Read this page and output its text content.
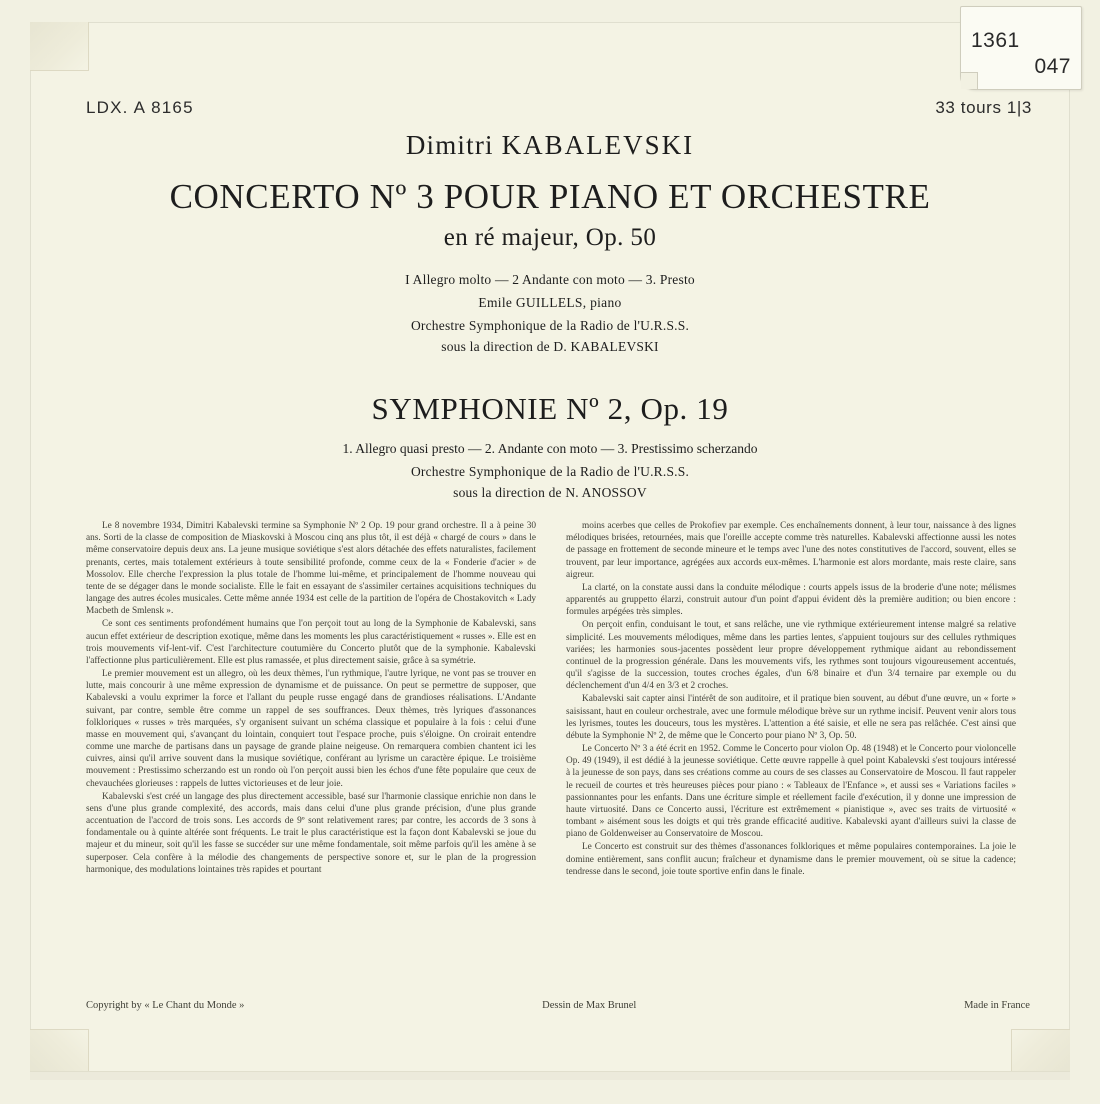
1361
047
LDX. A 8165	33 tours 1|3
Dimitri KABALEVSKI
CONCERTO Nº 3 POUR PIANO ET ORCHESTRE
en ré majeur, Op. 50
I Allegro molto — 2 Andante con moto — 3. Presto
Emile GUILLELS, piano
Orchestre Symphonique de la Radio de l'U.R.S.S.
sous la direction de D. KABALEVSKI
SYMPHONIE Nº 2, Op. 19
1. Allegro quasi presto — 2. Andante con moto — 3. Prestissimo scherzando
Orchestre Symphonique de la Radio de l'U.R.S.S.
sous la direction de N. ANOSSOV

Le 8 novembre 1934, Dimitri Kabalevski termine sa Symphonie Nº 2 Op. 19 pour grand orchestre. Il a à peine 30 ans. Sorti de la classe de composition de Miaskovski à Moscou cinq ans plus tôt, il est déjà « chargé de cours » dans le même conservatoire depuis deux ans. La jeune musique soviétique s'est alors détachée des effets naturalistes, facilement prenants, certes, mais totalement extérieurs à toute sensibilité profonde, comme ceux de la « Fonderie d'acier » de Mossolov. Elle cherche l'expression la plus totale de l'homme lui-même, et principalement de l'homme nouveau qui tente de se dégager dans le monde socialiste. Elle le fait en essayant de s'assimiler certaines acquisitions techniques du langage des autres écoles musicales. Cette même année 1934 est celle de la partition de l'opéra de Chostakovitch « Lady Macbeth de Smlensk ».

Ce sont ces sentiments profondément humains que l'on perçoit tout au long de la Symphonie de Kabalevski, sans aucun effet extérieur de description exotique, même dans les moments les plus caractéristiquement « russes ». Elle est en trois mouvements vif-lent-vif. C'est l'architecture coutumière du Concerto plutôt que de la symphonie. Kabalevski l'affectionne plus particulièrement. Elle est plus ramassée, et plus directement saisie, grâce à sa symétrie.

Le premier mouvement est un allegro, où les deux thèmes, l'un rythmique, l'autre lyrique, ne vont pas se trouver en lutte, mais concourir à une même expression de dynamisme et de puissance. On peut se permettre de supposer, que Kabalevski a voulu exprimer la force et l'allant du peuple russe engagé dans de grandioses réalisations. L'Andante suivant, par contre, semble être comme un rappel de ses souffrances. Deux thèmes, très lyriques d'assonances folkloriques « russes » très marquées, s'y organisent suivant un schéma classique et populaire à la fois : celui d'une masse en mouvement qui, s'avançant du lointain, conquiert tout l'espace proche, puis s'éloigne. On croirait entendre comme une marche de partisans dans un paysage de grande plaine neigeuse. On remarquera combien chantent ici les cuivres, ainsi qu'il arrive souvent dans la musique soviétique, conférant au lyrisme un caractère épique. Le troisième mouvement : Prestissimo scherzando est un rondo où l'on perçoit aussi bien les échos d'une fête populaire que ceux de chevauchées glorieuses : rappels de luttes victorieuses et de leur joie.

Kabalevski s'est créé un langage des plus directement accessible, basé sur l'harmonie classique enrichie non dans le sens d'une plus grande complexité, des accords, mais dans celui d'une plus grande précision, d'une plus grande accentuation de l'accord de trois sons. Les accords de 9º sont relativement rares; par contre, les accords de 3 sons à fondamentale ou à quinte altérée sont fréquents. Le trait le plus caractéristique est la façon dont Kabalevski se joue du majeur et du mineur, soit qu'il les fasse se succéder sur une même fondamentale, soit même parfois qu'il les amène à se superposer. Cela confère à la mélodie des changements de perspective sonore et, sur le plan de la progression harmonique, des modulations lointaines très rapides et pourtant

moins acerbes que celles de Prokofiev par exemple. Ces enchaînements donnent, à leur tour, naissance à des lignes mélodiques brisées, retournées, mais que l'oreille accepte comme très naturelles. Kabalevski affectionne aussi les notes de passage en frottement de seconde mineure et le temps avec l'une des notes constitutives de l'accord, souvent, elles se trouvent, par leur importance, agrégées aux accords eux-mêmes. L'harmonie est alors mordante, mais reste claire, sans aigreur.

La clarté, on la constate aussi dans la conduite mélodique : courts appels issus de la broderie d'une note; mélismes apparentés au gruppetto élarzi, construit autour d'un point d'appui évident dès la première audition; ou bien encore : formules arpégées très simples.

On perçoit enfin, conduisant le tout, et sans relâche, une vie rythmique extérieurement intense malgré sa relative simplicité. Les mouvements mélodiques, même dans les parties lentes, s'appuient toujours sur des cellules rythmiques variées; les harmonies sous-jacentes possèdent leur propre développement rythmique aidant au rebondissement continuel de la progression générale. Dans les mouvements vifs, les rythmes sont toujours vigoureusement accentués, qu'il s'agisse de la succession, toutes croches égales, d'un 6/8 binaire et d'un 3/4 ternaire par exemple ou du déclenchement d'un 4/4 en 3/3 et 2 croches.

Kabalevski sait capter ainsi l'intérêt de son auditoire, et il pratique bien souvent, au début d'une œuvre, un « forte » saisissant, haut en couleur orchestrale, avec une formule mélodique brève sur un rythme incisif. Peuvent venir alors tous les lyrismes, toutes les douceurs, tous les mystères. L'attention a été saisie, et elle ne sera pas relâchée. C'est ainsi que débute la Symphonie Nº 2, de même que le Concerto pour piano Nº 3, Op. 50.

Le Concerto Nº 3 a été écrit en 1952. Comme le Concerto pour violon Op. 48 (1948) et le Concerto pour violoncelle Op. 49 (1949), il est dédié à la jeunesse soviétique. Cette œuvre rappelle à quel point Kabalevski s'est toujours intéressé à la jeunesse de son pays, dans ses créations comme au cours de ses classes au Conservatoire de Moscou. Il faut rappeler le recueil de courtes et très heureuses pièces pour piano : « Tableaux de l'Enfance », et aussi ses « Variations faciles » passionnantes pour les enfants. Dans une écriture simple et réellement facile d'exécution, il y donne une impression de haute virtuosité. Dans ce Concerto aussi, l'écriture est extrêmement « pianistique », avec ses traits de virtuosité « tombant » aisément sous les doigts et qui très grande efficacité auditive. Kabalevski ayant d'ailleurs suivi la classe de piano de Goldenweiser au Conservatoire de Moscou.

Le Concerto est construit sur des thèmes d'assonances folkloriques et même populaires contemporaines. La joie le domine entièrement, sans conflit aucun; fraîcheur et dynamisme dans le premier mouvement, où se situe la cadence; tendresse dans le second, joie toute sportive enfin dans le finale.

Copyright by « Le Chant du Monde »	Dessin de Max Brunel	Made in France
